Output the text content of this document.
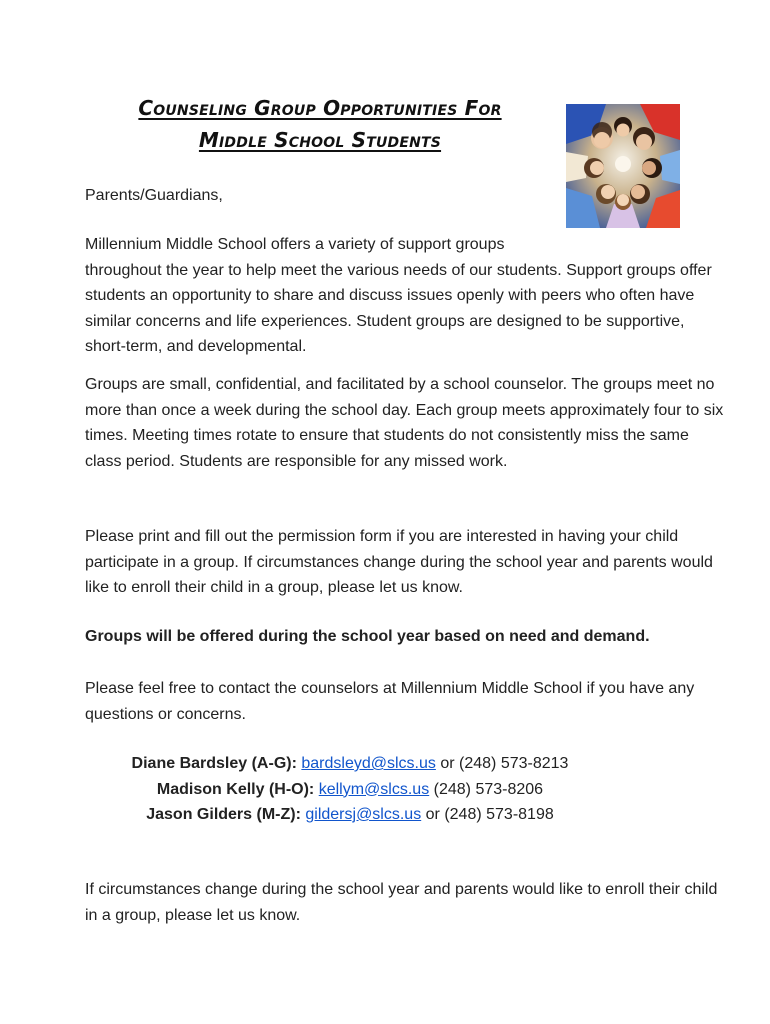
Counseling Group Opportunities For
Middle School Students

Parents/Guardians,

Millennium Middle School offers a variety of support groups
throughout the year to help meet the various needs of our students. Support groups offer students an opportunity to share and discuss issues openly with peers who often have similar concerns and life experiences. Student groups are designed to be supportive, short-term, and developmental.

Groups are small, confidential, and facilitated by a school counselor. The groups meet no more than once a week during the school day. Each group meets approximately four to six times. Meeting times rotate to ensure that students do not consistently miss the same class period. Students are responsible for any missed work.

Please print and fill out the permission form if you are interested in having your child participate in a group. If circumstances change during the school year and parents would like to enroll their child in a group, please let us know.

Groups will be offered during the school year based on need and demand.

Please feel free to contact the counselors at Millennium Middle School if you have any questions or concerns.

Diane Bardsley (A-G): bardsleyd@slcs.us or (248) 573-8213
Madison Kelly (H-O): kellym@slcs.us (248) 573-8206
Jason Gilders (M-Z): gildersj@slcs.us or (248) 573-8198

If circumstances change during the school year and parents would like to enroll their child in a group, please let us know.
